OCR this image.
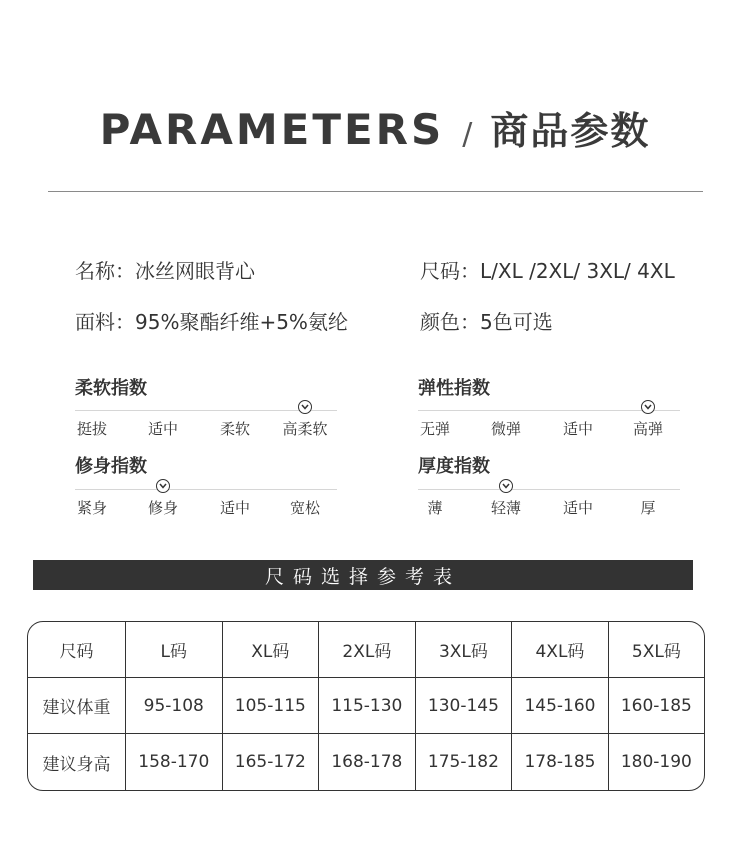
PARAMETERS / 商品参数
名称：冰丝网眼背心	尺码：L/XL /2XL/ 3XL/ 4XL
面料：95%聚酯纤维+5%氨纶	颜色：5色可选
柔软指数
挺拔	适中	柔软 高柔软
弹性指数
无弹	微弹	适中	高弹
修身指数
紧身	修身	适中	宽松
厚度指数
薄	轻薄	适中	厚
尺码选择参考表
尺码	L码	XL码	2XL码	3XL码	4XL码	5XL码
建议体重	95-108	105-115	115-130	130-145	145-160	160-185
建议身高	158-170	165-172	168-178	175-182	178-185	180-190
